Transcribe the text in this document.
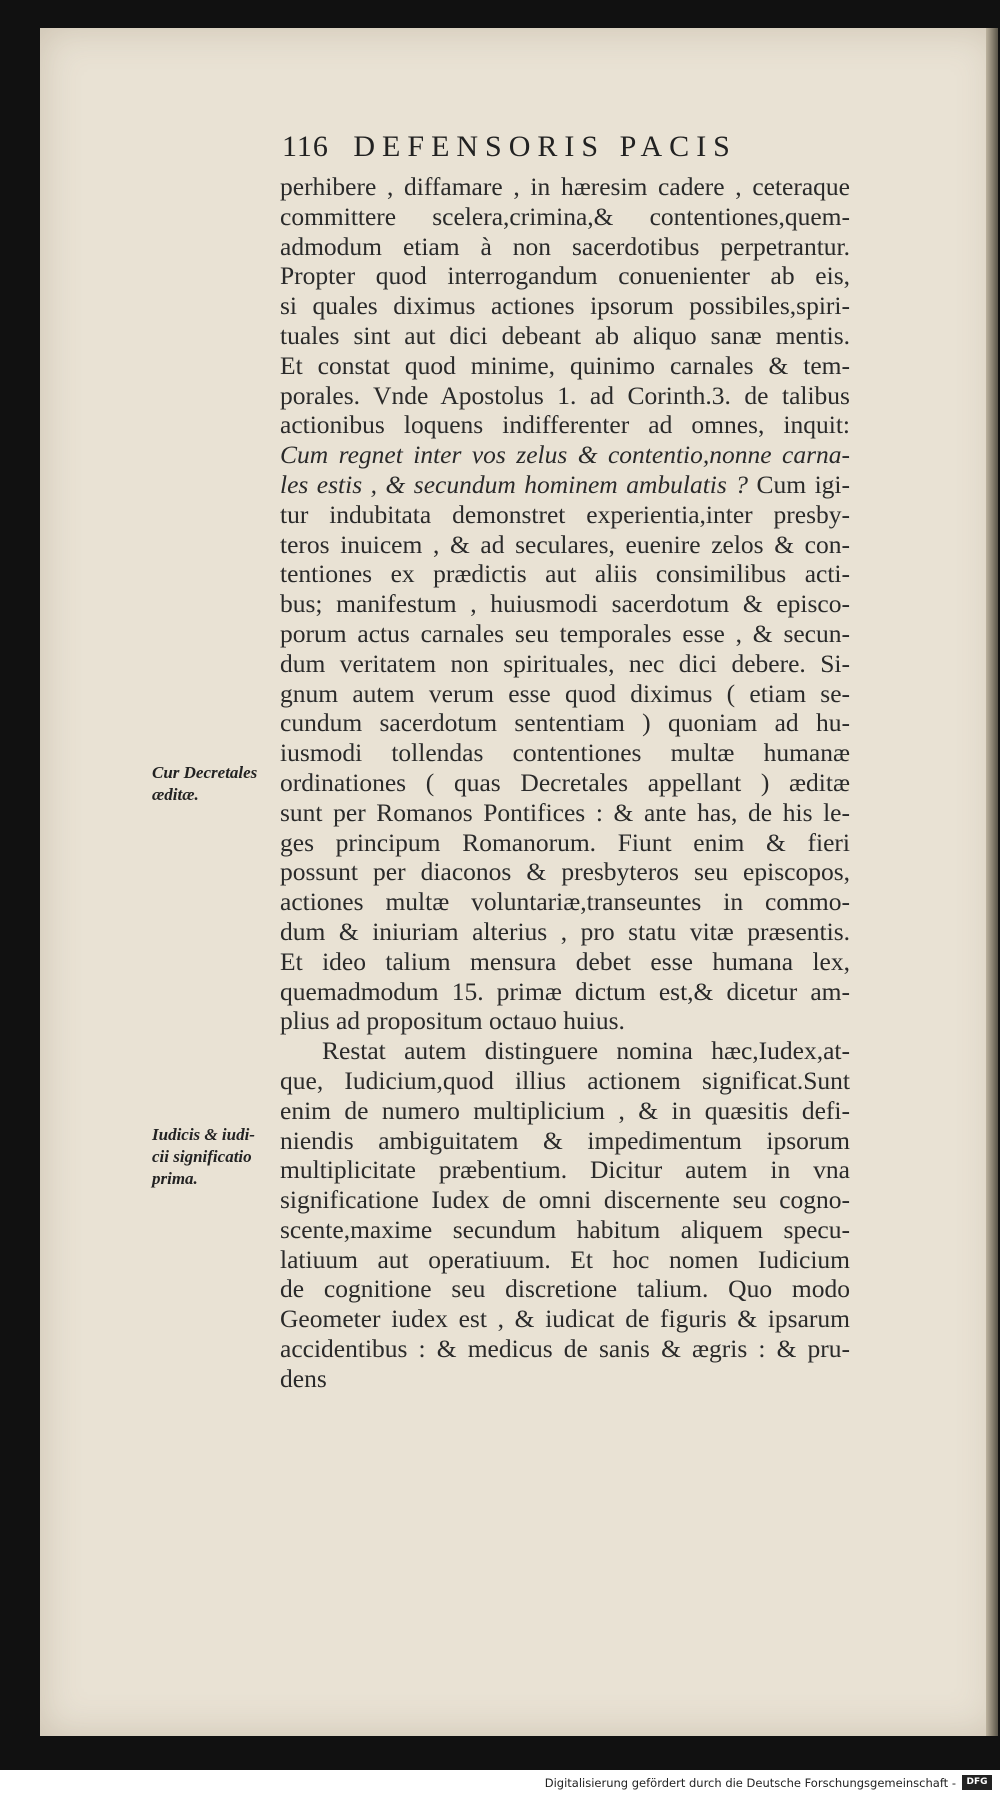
116 DEFENSORIS PACIS
perhibere , diffamare , in hæresim cadere , ceteraque
committere scelera,crimina,& contentiones,quem-
admodum etiam à non sacerdotibus perpetrantur.
Propter quod interrogandum conuenienter ab eis,
si quales diximus actiones ipsorum possibiles,spiri-
tuales sint aut dici debeant ab aliquo sanæ mentis.
Et constat quod minime, quinimo carnales & tem-
porales. Vnde Apostolus 1. ad Corinth.3. de talibus
actionibus loquens indifferenter ad omnes, inquit:
Cum regnet inter vos zelus & contentio,nonne carna-
les estis , & secundum hominem ambulatis ? Cum igi-
tur indubitata demonstret experientia,inter presby-
teros inuicem , & ad seculares, euenire zelos & con-
tentiones ex prædictis aut aliis consimilibus acti-
bus; manifestum , huiusmodi sacerdotum & episco-
porum actus carnales seu temporales esse , & secun-
dum veritatem non spirituales, nec dici debere. Si-
gnum autem verum esse quod diximus ( etiam se-
cundum sacerdotum sententiam ) quoniam ad hu-
iusmodi tollendas contentiones multæ humanæ
ordinationes ( quas Decretales appellant ) æditæ
sunt per Romanos Pontifices : & ante has, de his le-
ges principum Romanorum. Fiunt enim & fieri
possunt per diaconos & presbyteros seu episcopos,
actiones multæ voluntariæ,transeuntes in commo-
dum & iniuriam alterius , pro statu vitæ præsentis.
Et ideo talium mensura debet esse humana lex,
quemadmodum 15. primæ dictum est,& dicetur am-
plius ad propositum octauo huius.
Restat autem distinguere nomina hæc,Iudex,at-
que, Iudicium,quod illius actionem significat.Sunt
enim de numero multiplicium , & in quæsitis defi-
niendis ambiguitatem & impedimentum ipsorum
multiplicitate præbentium. Dicitur autem in vna
significatione Iudex de omni discernente seu cogno-
scente,maxime secundum habitum aliquem specu-
latiuum aut operatiuum. Et hoc nomen Iudicium
de cognitione seu discretione talium. Quo modo
Geometer iudex est , & iudicat de figuris & ipsarum
accidentibus : & medicus de sanis & ægris : & pru-
dens
Cur Decretales
æditæ.
Iudicis & iudi-
cii significatio
prima.
Digitalisierung gefördert durch die Deutsche Forschungsgemeinschaft -	DFG
